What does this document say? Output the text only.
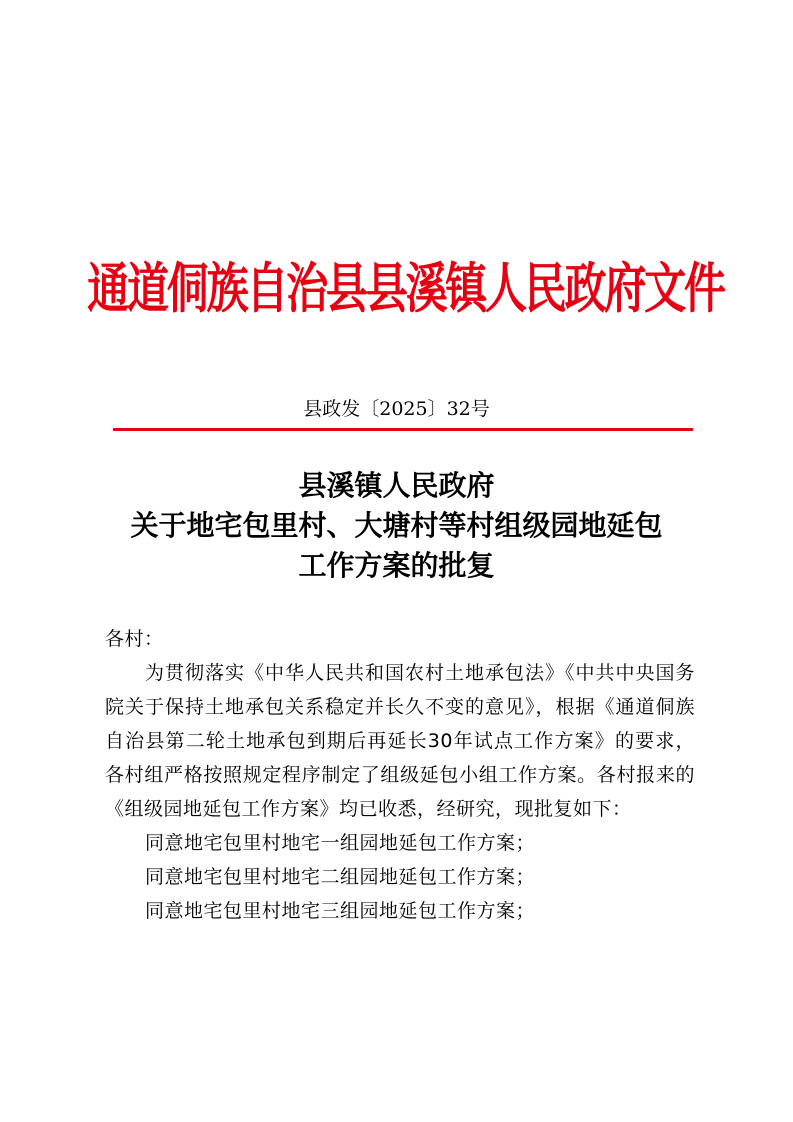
通道侗族自治县县溪镇人民政府文件
县政发〔2025〕32号
县溪镇人民政府
关于地宅包里村、大塘村等村组级园地延包
工作方案的批复

各村：

为贯彻落实《中华人民共和国农村土地承包法》《中共中央国务院关于保持土地承包关系稳定并长久不变的意见》，根据《通道侗族自治县第二轮土地承包到期后再延长30年试点工作方案》的要求，各村组严格按照规定程序制定了组级延包小组工作方案。各村报来的《组级园地延包工作方案》均已收悉，经研究，现批复如下：

同意地宅包里村地宅一组园地延包工作方案；

同意地宅包里村地宅二组园地延包工作方案；

同意地宅包里村地宅三组园地延包工作方案；
